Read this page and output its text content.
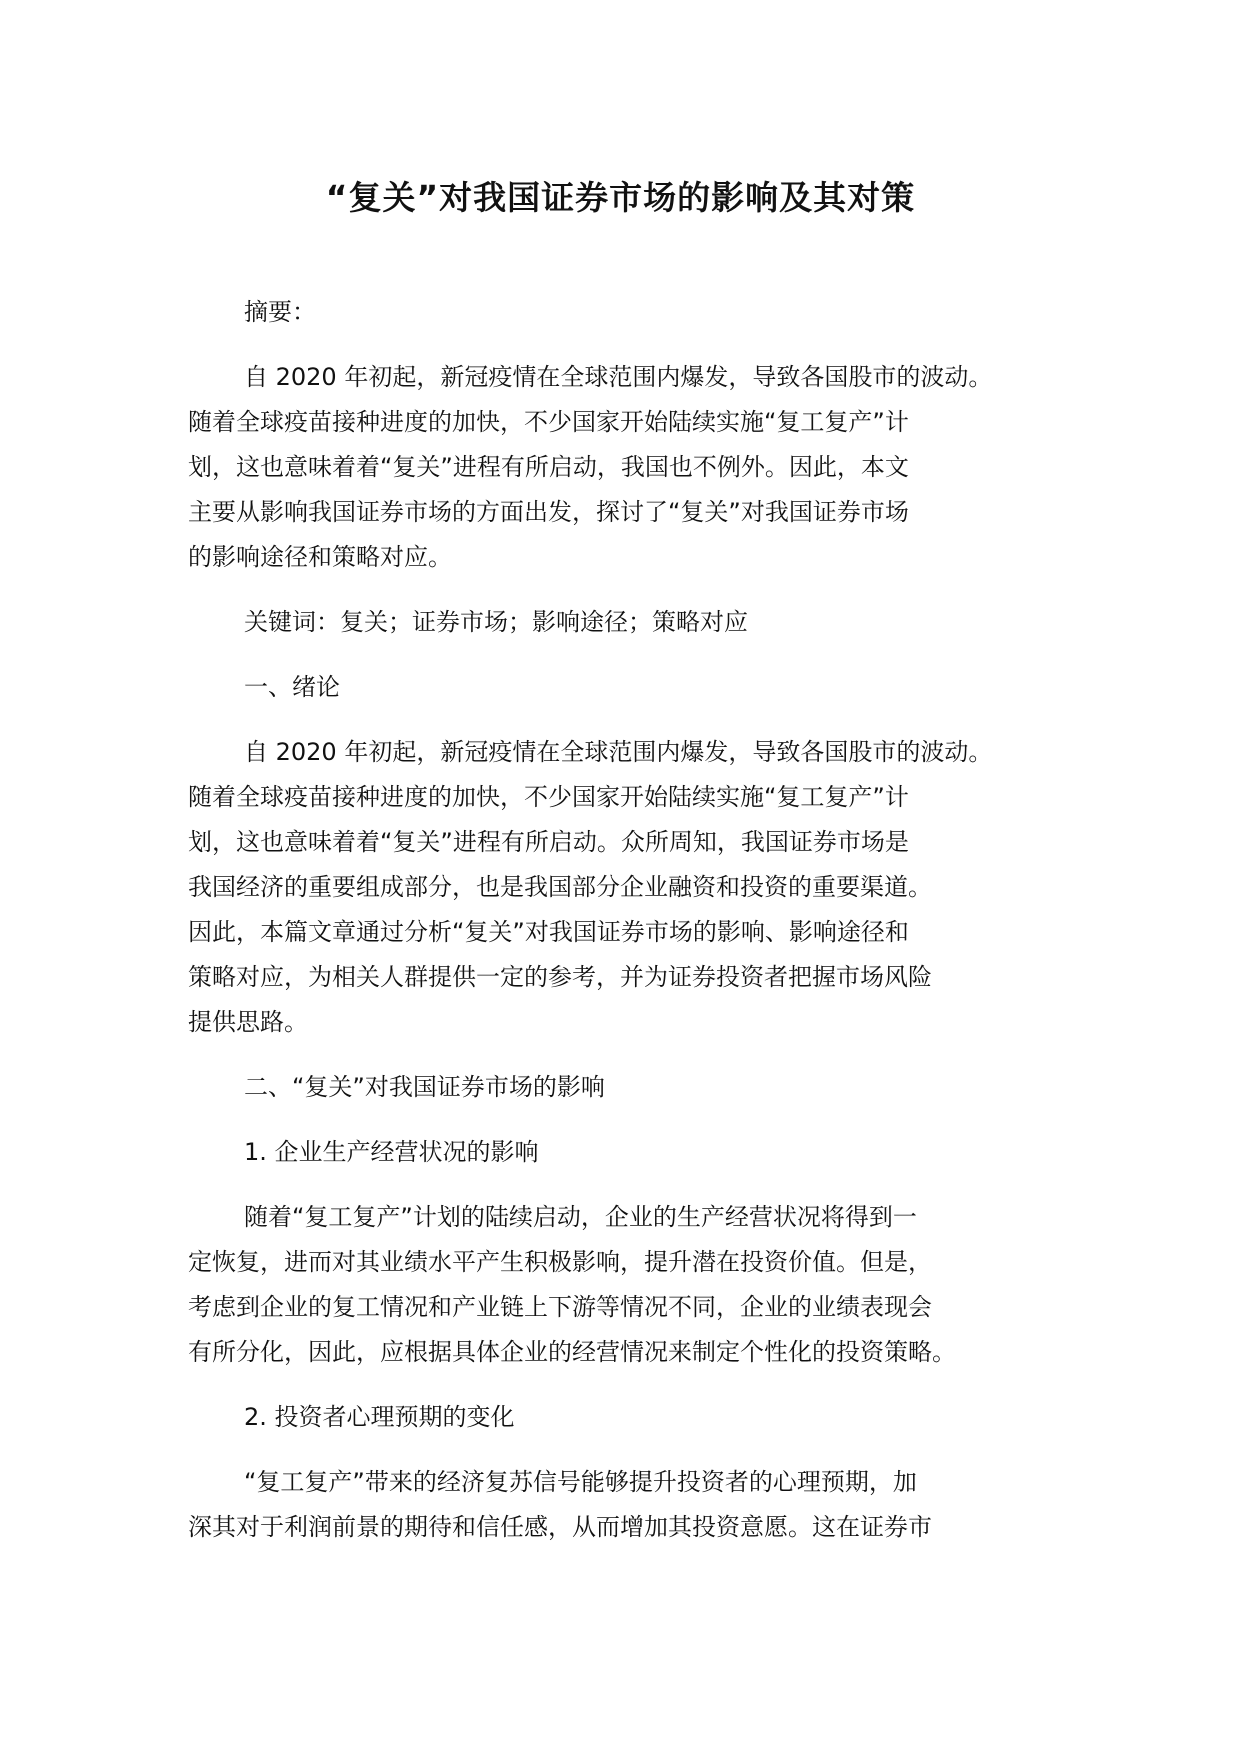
“复关”对我国证券市场的影响及其对策
摘要：
自 2020 年初起，新冠疫情在全球范围内爆发，导致各国股市的波动。
随着全球疫苗接种进度的加快，不少国家开始陆续实施“复工复产”计
划，这也意味着着“复关”进程有所启动，我国也不例外。因此，本文
主要从影响我国证券市场的方面出发，探讨了“复关”对我国证券市场
的影响途径和策略对应。
关键词：复关；证券市场；影响途径；策略对应
一、绪论
自 2020 年初起，新冠疫情在全球范围内爆发，导致各国股市的波动。
随着全球疫苗接种进度的加快，不少国家开始陆续实施“复工复产”计
划，这也意味着着“复关”进程有所启动。众所周知，我国证券市场是
我国经济的重要组成部分，也是我国部分企业融资和投资的重要渠道。
因此，本篇文章通过分析“复关”对我国证券市场的影响、影响途径和
策略对应，为相关人群提供一定的参考，并为证券投资者把握市场风险
提供思路。
二、“复关”对我国证券市场的影响
1. 企业生产经营状况的影响
随着“复工复产”计划的陆续启动，企业的生产经营状况将得到一
定恢复，进而对其业绩水平产生积极影响，提升潜在投资价值。但是，
考虑到企业的复工情况和产业链上下游等情况不同，企业的业绩表现会
有所分化，因此，应根据具体企业的经营情况来制定个性化的投资策略。
2. 投资者心理预期的变化
“复工复产”带来的经济复苏信号能够提升投资者的心理预期，加
深其对于利润前景的期待和信任感，从而增加其投资意愿。这在证券市
